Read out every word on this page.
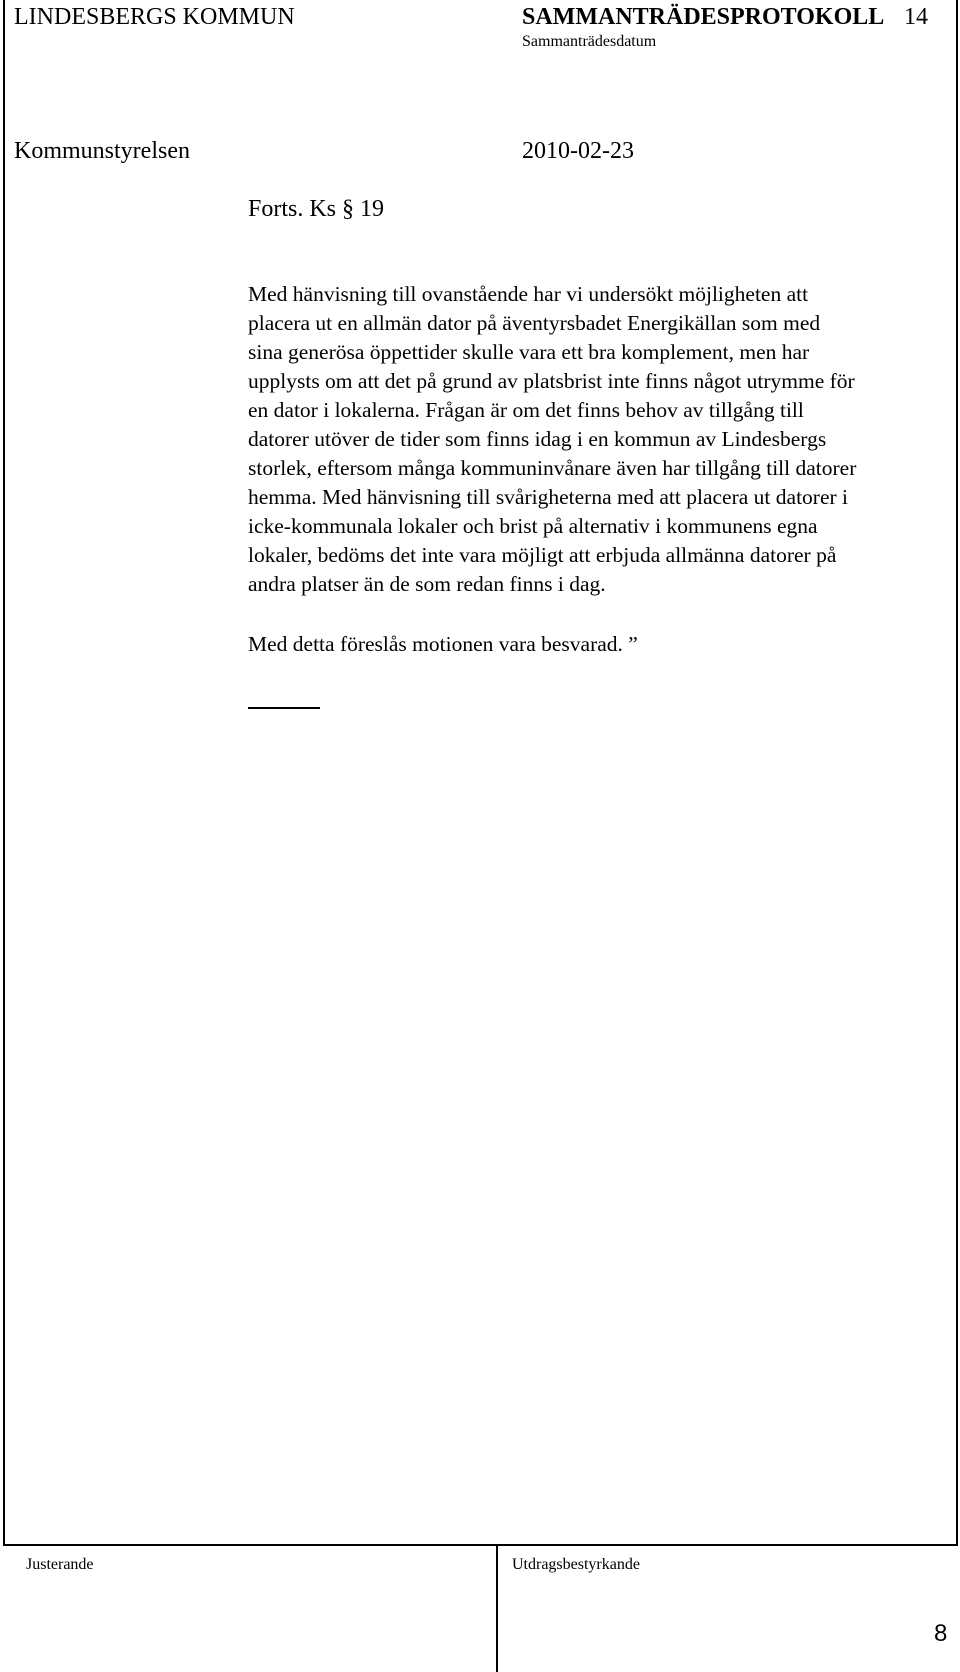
LINDESBERGS KOMMUN	SAMMANTRÄDESPROTOKOLL 14
Sammanträdesdatum
Kommunstyrelsen	2010-02-23
Forts. Ks § 19

Med hänvisning till ovanstående har vi undersökt möjligheten att

placera ut en allmän dator på äventyrsbadet Energikällan som med

sina generösa öppettider skulle vara ett bra komplement, men har

upplysts om att det på grund av platsbrist inte finns något utrymme för

en dator i lokalerna. Frågan är om det finns behov av tillgång till

datorer utöver de tider som finns idag i en kommun av Lindesbergs

storlek, eftersom många kommuninvånare även har tillgång till datorer

hemma. Med hänvisning till svårigheterna med att placera ut datorer i

icke-kommunala lokaler och brist på alternativ i kommunens egna

lokaler, bedöms det inte vara möjligt att erbjuda allmänna datorer på

andra platser än de som redan finns i dag.

Med detta föreslås motionen vara besvarad. ”
Justerande	Utdragsbestyrkande
8
